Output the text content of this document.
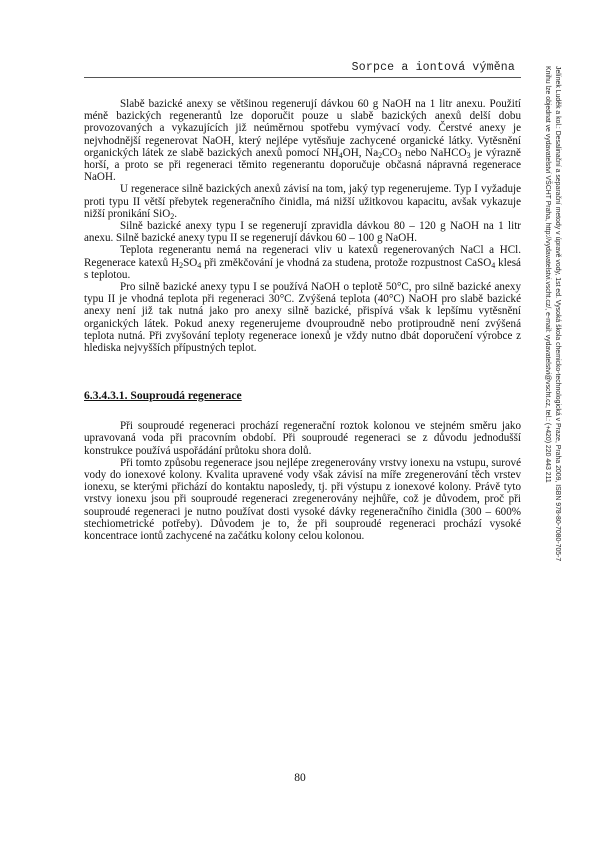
Sorpce a iontová výměna	Jelínek Luděk a kol.: Desalinační a separační metody v úpravě vody, 1st ed. Vysoká škola chemicko-technologická v Praze, Praha 2009, ISBN 978-80-7080-705-7
Knihu lze objednat ve vydavatelství VŠCHT Praha, http://vydavatelstvi.vscht.cz/, e-mail: vydavatelstvi@vscht.cz, tel.: (+420) 220 443 211

Slabě bazické anexy se většinou regenerují dávkou 60 g NaOH na 1 litr anexu. Použití méně bazických regenerantů lze doporučit pouze u slabě bazických anexů delší dobu provozovaných a vykazujících již neúměrnou spotřebu vymývací vody. Čerstvé anexy je nejvhodnější regenerovat NaOH, který nejlépe vytěsňuje zachycené organické látky. Vytěsnění organických látek ze slabě bazických anexů pomocí $NH_4OH$, $Na_2CO_3$ nebo NaHCO$_3$ je výrazně horší, a proto se při regeneraci těmito regenerantu doporučuje občasná nápravná regenerace NaOH.

U regenerace silně bazických anexů závisí na tom, jaký typ regenerujeme. Typ I vyžaduje proti typu II větší přebytek regeneračního činidla, má nižší užitkovou kapacitu, avšak vykazuje nižší pronikání SiO$_2$.

Silně bazické anexy typu I se regenerují zpravidla dávkou 80 – 120 g NaOH na 1 litr anexu. Silně bazické anexy typu II se regenerují dávkou 60 – 100 g NaOH.

Teplota regenerantu nemá na regeneraci vliv u katexů regenerovaných NaCl a HCl. Regenerace katexů $H_2SO_4$ při změkčování je vhodná za studena, protože rozpustnost CaSO$_4$ klesá s teplotou.

Pro silně bazické anexy typu I se používá NaOH o teplotě 50°C, pro silně bazické anexy typu II je vhodná teplota při regeneraci 30°C. Zvýšená teplota (40°C) NaOH pro slabě bazické anexy není již tak nutná jako pro anexy silně bazické, přispívá však k lepšímu vytěsnění organických látek. Pokud anexy regenerujeme dvouproudně nebo protiproudně není zvýšená teplota nutná. Při zvyšování teploty regenerace ionexů je vždy nutno dbát doporučení výrobce z hlediska nejvyšších přípustných teplot.

6.3.4.3.1. Souproudá regenerace

Při souproudé regeneraci prochází regenerační roztok kolonou ve stejném směru jako upravovaná voda při pracovním období. Při souproudé regeneraci se z důvodu jednodušší konstrukce používá uspořádání průtoku shora dolů.

Při tomto způsobu regenerace jsou nejlépe zregenerovány vrstvy ionexu na vstupu, surové vody do ionexové kolony. Kvalita upravené vody však závisí na míře zregenerování těch vrstev ionexu, se kterými přichází do kontaktu naposledy, tj. při výstupu z ionexové kolony. Právě tyto vrstvy ionexu jsou při souproudé regeneraci zregenerovány nejhůře, což je důvodem, proč při souproudé regeneraci je nutno používat dosti vysoké dávky regeneračního činidla (300 – 600% stechiometrické potřeby). Důvodem je to, že při souproudé regeneraci prochází vysoké koncentrace iontů zachycené na začátku kolony celou kolonou.

80
